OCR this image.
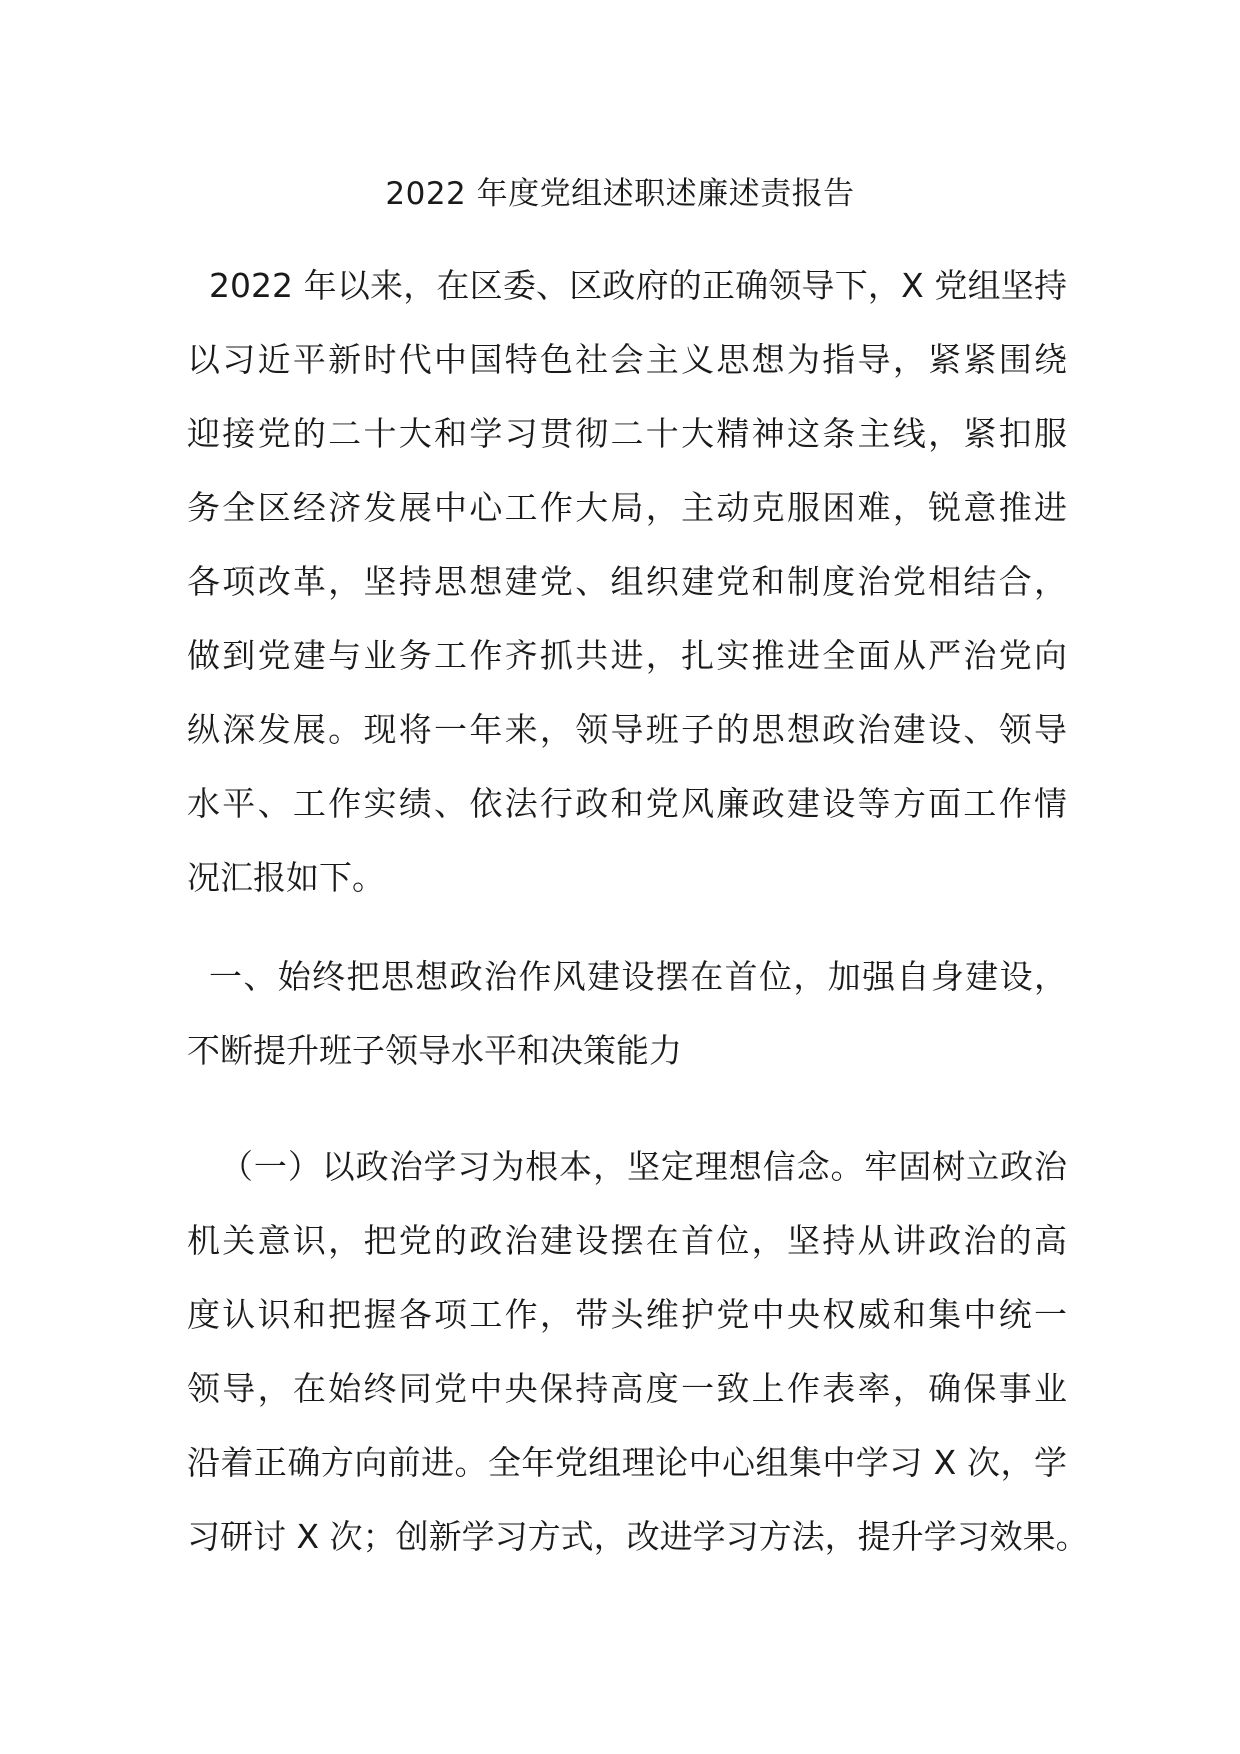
2022 年度党组述职述廉述责报告
2022 年以来，在区委、区政府的正确领导下，X 党组坚持
以习近平新时代中国特色社会主义思想为指导，紧紧围绕
迎接党的二十大和学习贯彻二十大精神这条主线，紧扣服
务全区经济发展中心工作大局，主动克服困难，锐意推进
各项改革，坚持思想建党、组织建党和制度治党相结合，
做到党建与业务工作齐抓共进，扎实推进全面从严治党向
纵深发展。现将一年来，领导班子的思想政治建设、领导
水平、工作实绩、依法行政和党风廉政建设等方面工作情
况汇报如下。
一、始终把思想政治作风建设摆在首位，加强自身建设，
不断提升班子领导水平和决策能力
（一）以政治学习为根本，坚定理想信念。牢固树立政治
机关意识，把党的政治建设摆在首位，坚持从讲政治的高
度认识和把握各项工作，带头维护党中央权威和集中统一
领导，在始终同党中央保持高度一致上作表率，确保事业
沿着正确方向前进。全年党组理论中心组集中学习 X 次，学
习研讨 X 次；创新学习方式，改进学习方法，提升学习效果。
